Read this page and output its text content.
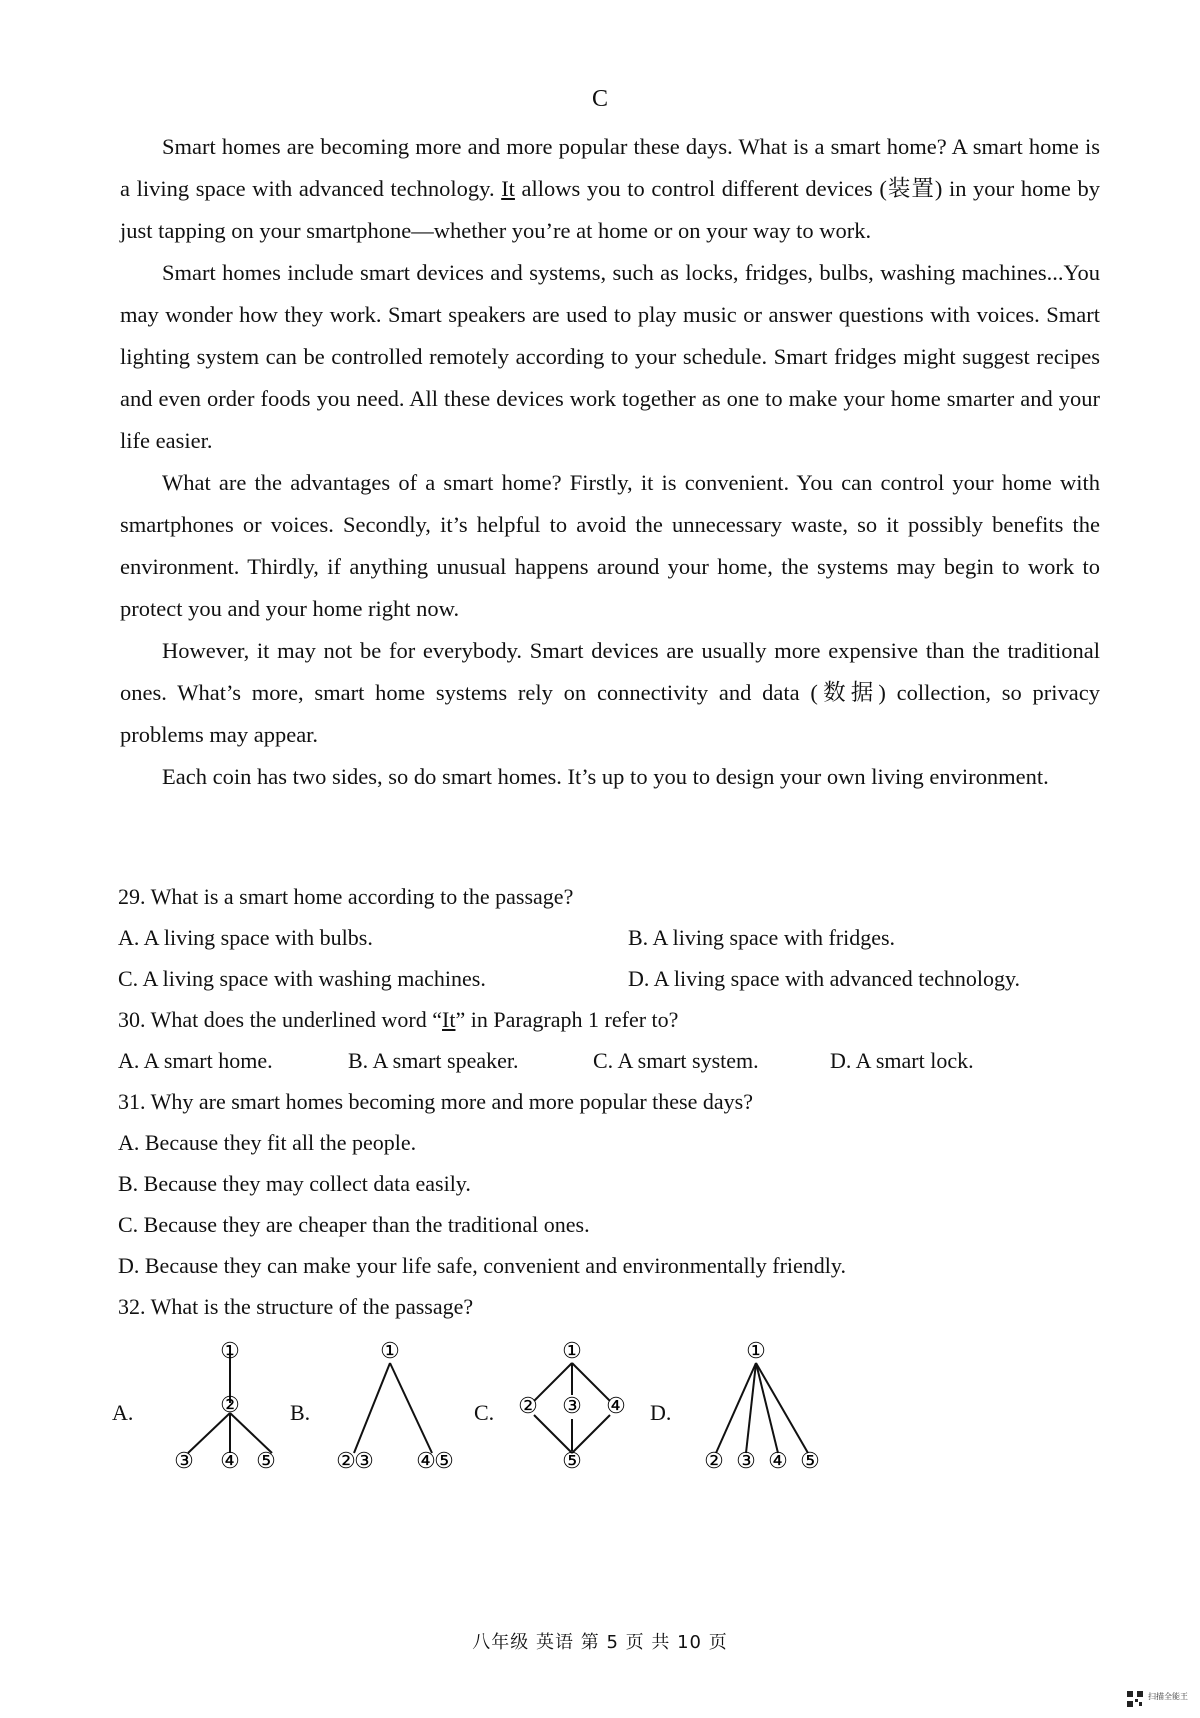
C

Smart homes are becoming more and more popular these days. What is a smart home? A smart home is a living space with advanced technology. It allows you to control different devices (装置) in your home by just tapping on your smartphone—whether you’re at home or on your way to work.

Smart homes include smart devices and systems, such as locks, fridges, bulbs, washing machines...You may wonder how they work. Smart speakers are used to play music or answer questions with voices. Smart lighting system can be controlled remotely according to your schedule. Smart fridges might suggest recipes and even order foods you need. All these devices work together as one to make your home smarter and your life easier.

What are the advantages of a smart home? Firstly, it is convenient. You can control your home with smartphones or voices. Secondly, it’s helpful to avoid the unnecessary waste, so it possibly benefits the environment. Thirdly, if anything unusual happens around your home, the systems may begin to work to protect you and your home right now.

However, it may not be for everybody. Smart devices are usually more expensive than the traditional ones. What’s more, smart home systems rely on connectivity and data (数据) collection, so privacy problems may appear.

Each coin has two sides, so do smart homes. It’s up to you to design your own living environment.

29. What is a smart home according to the passage?

A. A living space with bulbs.	B. A living space with fridges.
C. A living space with washing machines.	D. A living space with advanced technology.

30. What does the underlined word “It” in Paragraph 1 refer to?

A. A smart home.	B. A smart speaker.	C. A smart system.	D. A smart lock.

31. Why are smart homes becoming more and more popular these days?

A. Because they fit all the people.

B. Because they may collect data easily.

C. Because they are cheaper than the traditional ones.

D. Because they can make your life safe, convenient and environmentally friendly.

32. What is the structure of the passage?

A.
①
②
③ ④ ⑤
B.
①
②
③ ④
⑤
C.
①
② ③ ④
⑤
D.
①
② ③ ④ ⑤
八年级 英语 第 5 页 共 10 页
扫描全能王
